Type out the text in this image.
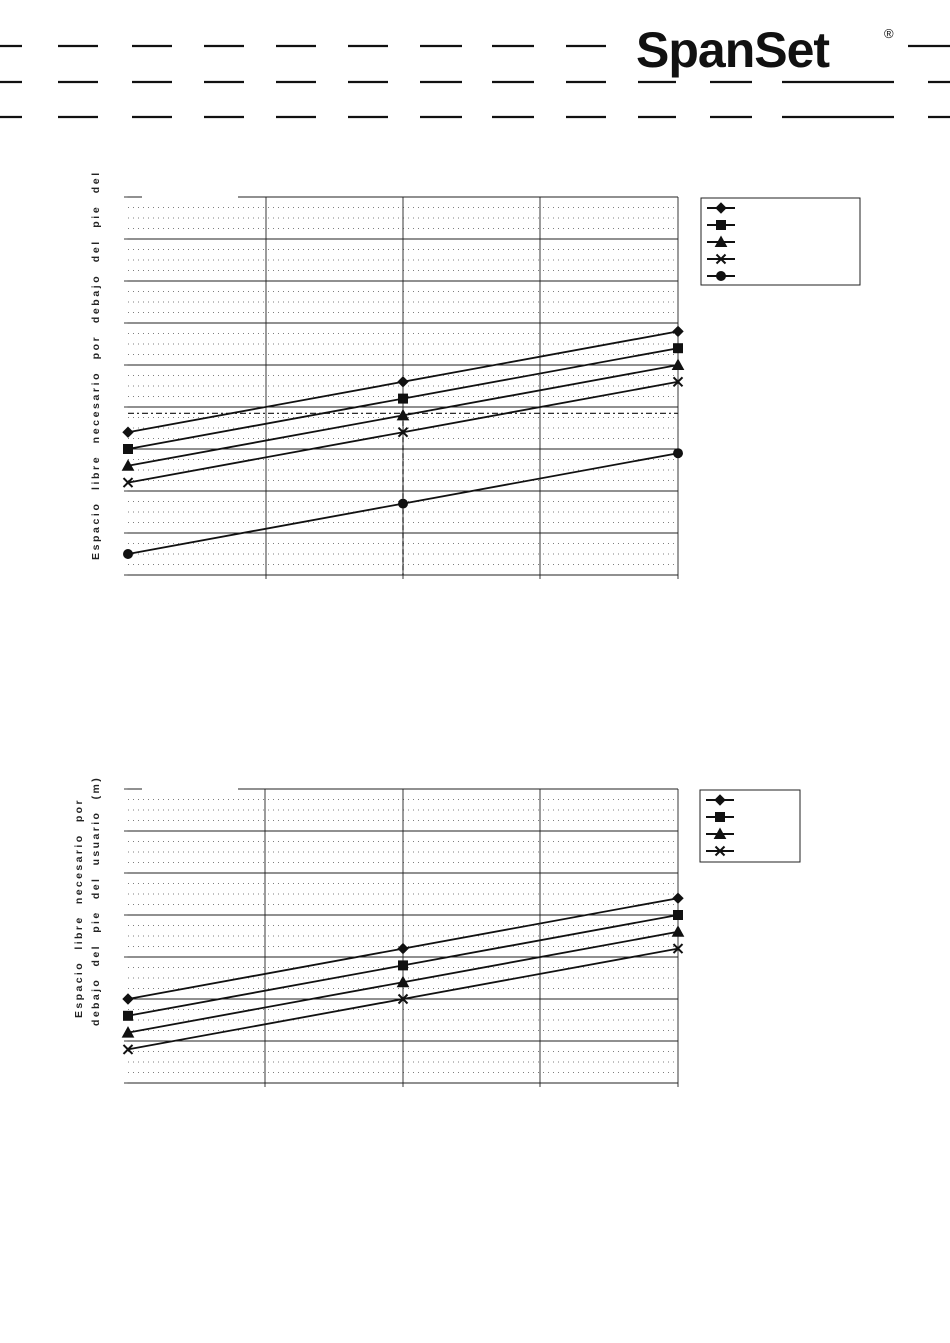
SpanSet	®
Espacio libre necesario por debajo del pie del
Espacio libre necesario por debajo del pie del usuario (m)
